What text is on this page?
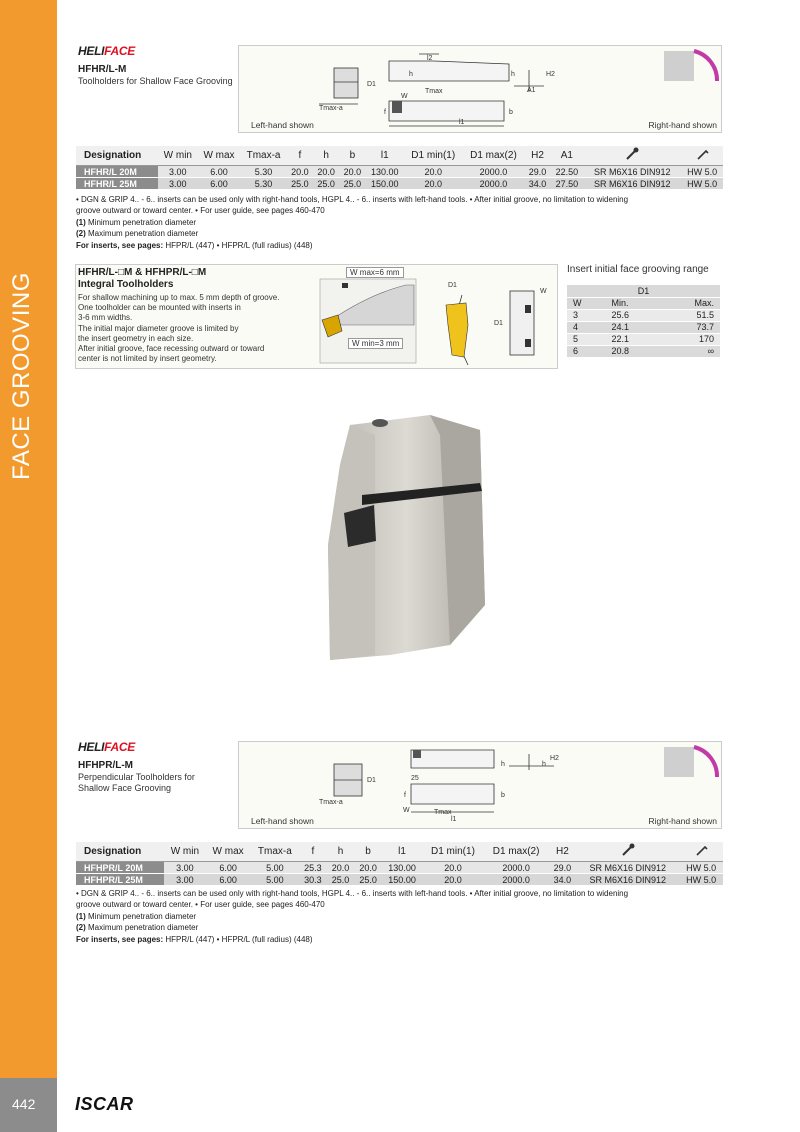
FACE GROOVING
442 ISCAR
HELIFACE
HFHR/L-M
Toolholders for Shallow Face Grooving
l2
h	h	H2
A1
D1
W
Tmax
f	b
Tmax-a
l1
Left-hand shown	Right-hand shown
Designation	W min	W max	Tmax-a	f	h	b	l1	D1 min(1)	D1 max(2)	H2	A1		
HFHR/L 20M	3.00	6.00	5.30	20.0	20.0	20.0	130.00	20.0	2000.0	29.0	22.50	SR M6X16 DIN912	HW 5.0
HFHR/L 25M	3.00	6.00	5.30	25.0	25.0	25.0	150.00	20.0	2000.0	34.0	27.50	SR M6X16 DIN912	HW 5.0
• DGN & GRIP 4.. - 6.. inserts can be used only with right-hand tools, HGPL 4.. - 6.. inserts with left-hand tools. • After initial groove, no limitation to widening
groove outward or toward center. • For user guide, see pages 460-470
(1) Minimum penetration diameter
(2) Maximum penetration diameter
For inserts, see pages: HFPR/L (447) • HFPR/L (full radius) (448)
D1
D1
W
W max=6 mm
W min=3 mm
HFHR/L-□M & HFHPR/L-□M
Integral Toolholders
For shallow machining up to max. 5 mm depth of groove.
One toolholder can be mounted with inserts in
3-6 mm widths.
The initial major diameter groove is limited by
the insert geometry in each size.
After initial groove, face recessing outward or toward
center is not limited by insert geometry.
Insert initial face grooving range
D1		
W	Min.	Max.
3	25.6	51.5
4	24.1	73.7
5	22.1	170
6	20.8	∞
HELIFACE
HFHPR/L-M
Perpendicular Toolholders for
Shallow Face Grooving
h	h
H2
D1	25
W	Tmax
f	b
Tmax-a
l1
Left-hand shown	Right-hand shown
Designation	W min	W max	Tmax-a	f	h	b	l1	D1 min(1)	D1 max(2)	H2		
HFHPR/L 20M	3.00	6.00	5.00	25.3	20.0	20.0	130.00	20.0	2000.0	29.0	SR M6X16 DIN912	HW 5.0
HFHPR/L 25M	3.00	6.00	5.00	30.3	25.0	25.0	150.00	20.0	2000.0	34.0	SR M6X16 DIN912	HW 5.0
• DGN & GRIP 4.. - 6.. inserts can be used only with right-hand tools, HGPL 4.. - 6.. inserts with left-hand tools. • After initial groove, no limitation to widening
groove outward or toward center. • For user guide, see pages 460-470
(1) Minimum penetration diameter
(2) Maximum penetration diameter
For inserts, see pages: HFPR/L (447) • HFPR/L (full radius) (448)
